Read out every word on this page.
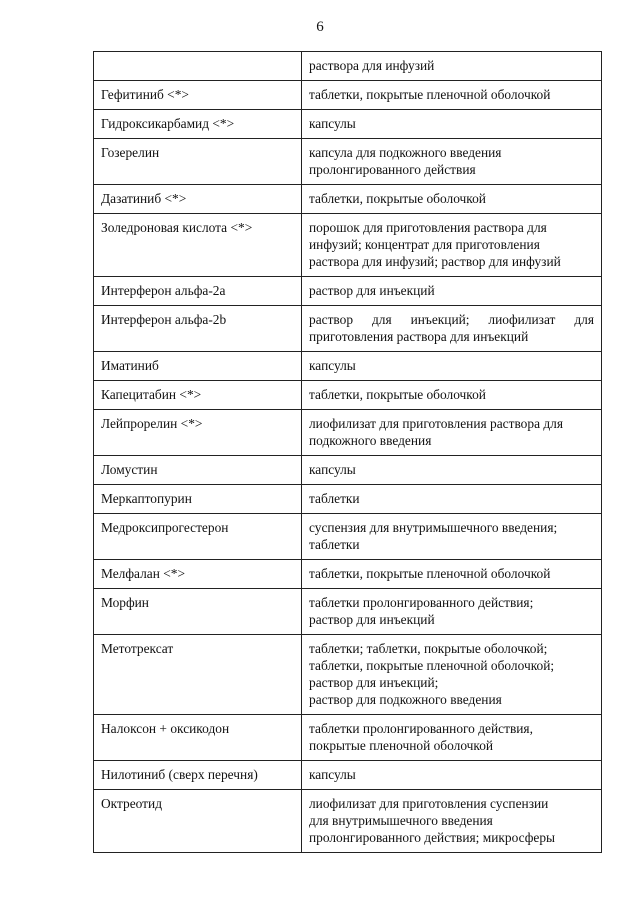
6

	раствора для инфузий

Гефитиниб <*>	таблетки, покрытые пленочной оболочкой

Гидроксикарбамид <*>	капсулы

Гозерелин	капсула для подкожного введения
пролонгированного действия

Дазатиниб <*>	таблетки, покрытые оболочкой

Золедроновая кислота <*>	порошок для приготовления раствора для
инфузий; концентрат для приготовления
раствора для инфузий; раствор для инфузий

Интерферон альфа-2а	раствор для инъекций

Интерферон альфа-2b	раствор для инъекций; лиофилизат для
приготовления раствора для инъекций

Иматиниб	капсулы

Капецитабин <*>	таблетки, покрытые оболочкой

Лейпрорелин <*>	лиофилизат для приготовления раствора для
подкожного введения

Ломустин	капсулы

Меркаптопурин	таблетки

Медроксипрогестерон	суспензия для внутримышечного введения;
таблетки

Мелфалан <*>	таблетки, покрытые пленочной оболочкой

Морфин	таблетки пролонгированного действия;
раствор для инъекций

Метотрексат	таблетки; таблетки, покрытые оболочкой;
таблетки, покрытые пленочной оболочкой;
раствор для инъекций;
раствор для подкожного введения

Налоксон + оксикодон	таблетки пролонгированного действия,
покрытые пленочной оболочкой

Нилотиниб (сверх перечня)	капсулы

Октреотид	лиофилизат для приготовления суспензии
для внутримышечного введения
пролонгированного действия; микросферы
